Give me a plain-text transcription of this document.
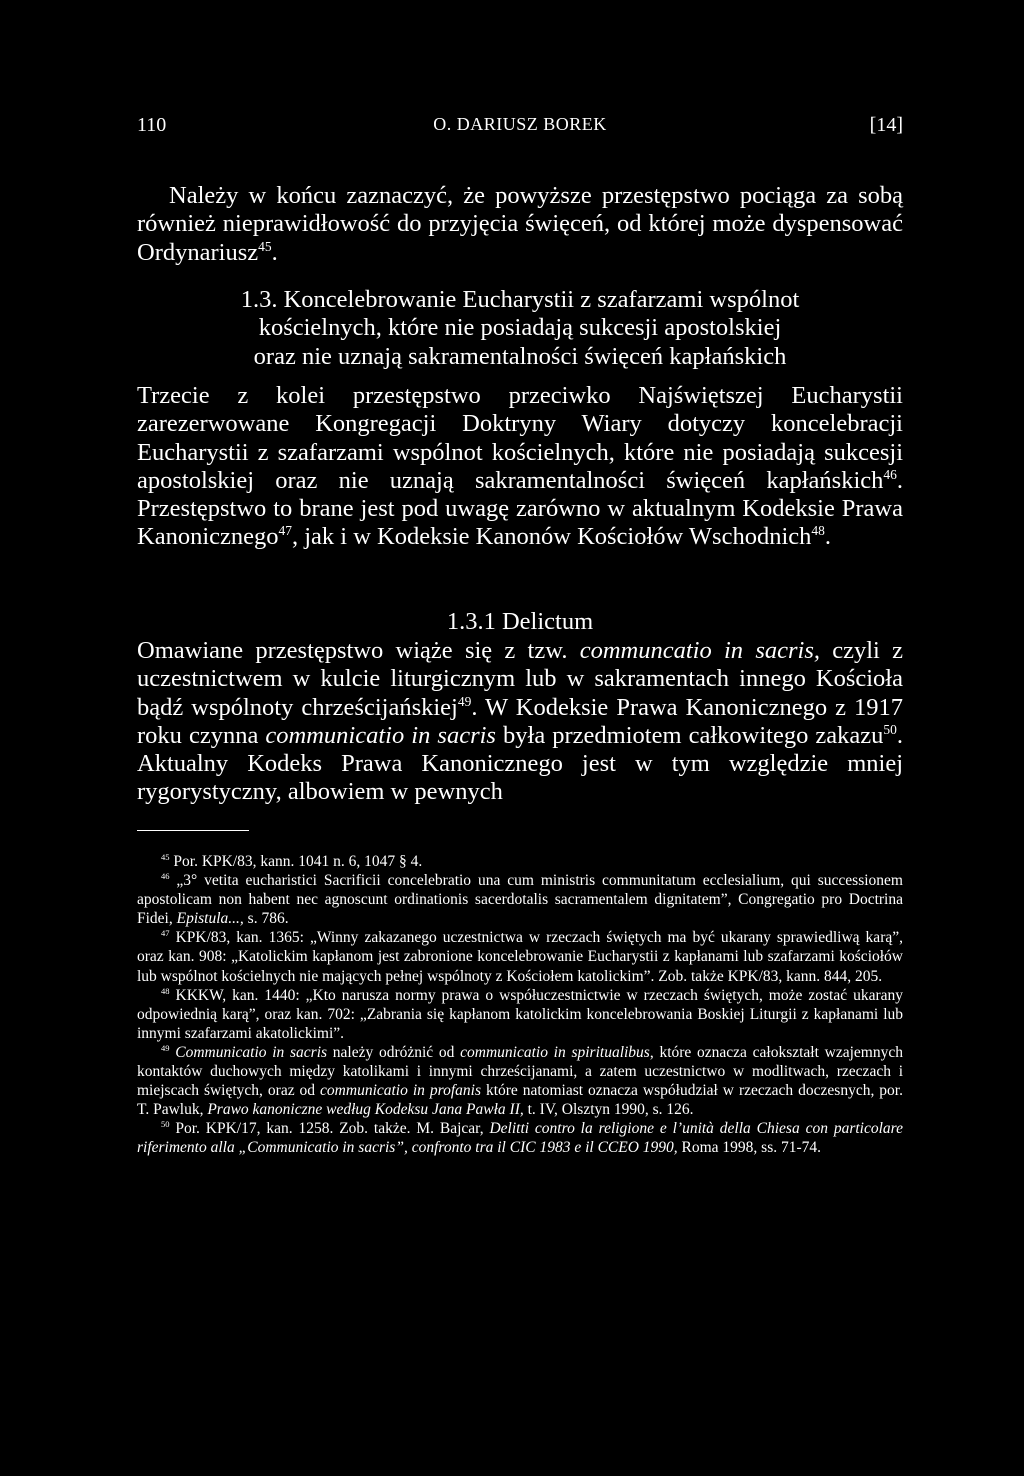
110	O. DARIUSZ BOREK	[14]

Należy w końcu zaznaczyć, że powyższe przestępstwo pociąga za sobą również nieprawidłowość do przyjęcia święceń, od której może dyspensować Ordynariusz$^{45}$.

1.3. Koncelebrowanie Eucharystii z szafarzami wspólnot
kościelnych, które nie posiadają sukcesji apostolskiej
oraz nie uznają sakramentalności święceń kapłańskich

Trzecie z kolei przestępstwo przeciwko Najświętszej Eucharystii zarezerwowane Kongregacji Doktryny Wiary dotyczy koncelebracji Eucharystii z szafarzami wspólnot kościelnych, które nie posiadają sukcesji apostolskiej oraz nie uznają sakramentalności święceń kapłańskich$^{46}$. Przestępstwo to brane jest pod uwagę zarówno w aktualnym Kodeksie Prawa Kanonicznego$^{47}$, jak i w Kodeksie Kanonów Kościołów Wschodnich$^{48}$.

1.3.1 Delictum

Omawiane przestępstwo wiąże się z tzw. communcatio in sacris, czyli z uczestnictwem w kulcie liturgicznym lub w sakramentach innego Kościoła bądź wspólnoty chrześcijańskiej$^{49}$. W Kodeksie Prawa Kanonicznego z 1917 roku czynna communicatio in sacris była przedmiotem całkowitego zakazu$^{50}$. Aktualny Kodeks Prawa Kanonicznego jest w tym względzie mniej rygorystyczny, albowiem w pewnych

$^{45}$ Por. KPK/83, kann. 1041 n. 6, 1047 § 4.

$^{46}$ „3° vetita eucharistici Sacrificii concelebratio una cum ministris communitatum ecclesialium, qui successionem apostolicam non habent nec agnoscunt ordinationis sacerdotalis sacramentalem dignitatem”, Congregatio pro Doctrina Fidei, Epistula..., s. 786.

$^{47}$ KPK/83, kan. 1365: „Winny zakazanego uczestnictwa w rzeczach świętych ma być ukarany sprawiedliwą karą”, oraz kan. 908: „Katolickim kapłanom jest zabronione koncelebrowanie Eucharystii z kapłanami lub szafarzami kościołów lub wspólnot kościelnych nie mających pełnej wspólnoty z Kościołem katolickim”. Zob. także KPK/83, kann. 844, 205.

$^{48}$ KKKW, kan. 1440: „Kto narusza normy prawa o współuczestnictwie w rzeczach świętych, może zostać ukarany odpowiednią karą”, oraz kan. 702: „Zabrania się kapłanom katolickim koncelebrowania Boskiej Liturgii z kapłanami lub innymi szafarzami akatolickimi”.

$^{49}$ Communicatio in sacris należy odróżnić od communicatio in spiritualibus, które oznacza całokształt wzajemnych kontaktów duchowych między katolikami i innymi chrześcijanami, a zatem uczestnictwo w modlitwach, rzeczach i miejscach świętych, oraz od communicatio in profanis które natomiast oznacza współudział w rzeczach doczesnych, por. T. Pawluk, Prawo kanoniczne według Kodeksu Jana Pawła II, t. IV, Olsztyn 1990, s. 126.

$^{50}$ Por. KPK/17, kan. 1258. Zob. także. M. Bajcar, Delitti contro la religione e l’unità della Chiesa con particolare riferimento alla „Communicatio in sacris”, confronto tra il CIC 1983 e il CCEO 1990, Roma 1998, ss. 71-74.
